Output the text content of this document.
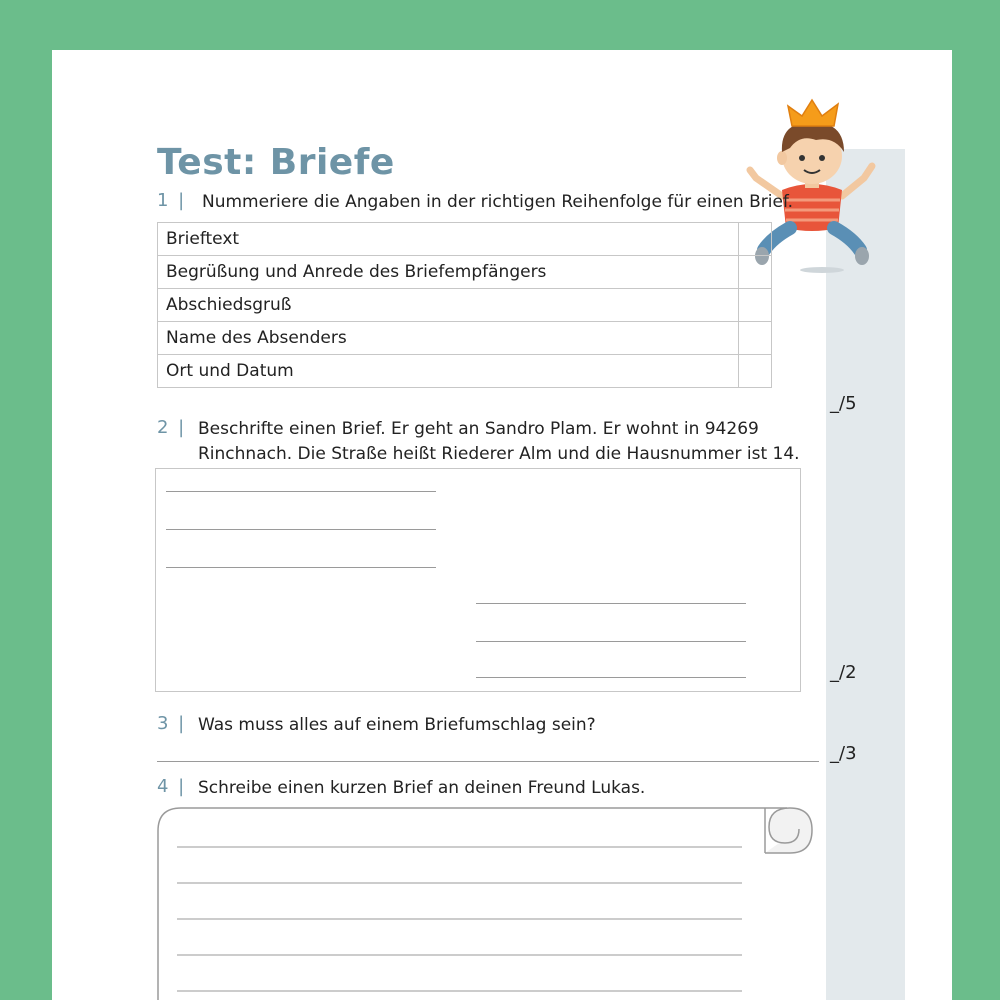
Test: Briefe
1 | Nummeriere die Angaben in der richtigen Reihenfolge für einen Brief.
Brieftext	
Begrüßung und Anrede des Briefempfängers	
Abschiedsgruß	
Name des Absenders	
Ort und Datum	
_/5
2 | Beschrifte einen Brief. Er geht an Sandro Plam. Er wohnt in 94269
Rinchnach. Die Straße heißt Riederer Alm und die Hausnummer ist 14.
_/2
3 | Was muss alles auf einem Briefumschlag sein?
_/3
4 | Schreibe einen kurzen Brief an deinen Freund Lukas.
